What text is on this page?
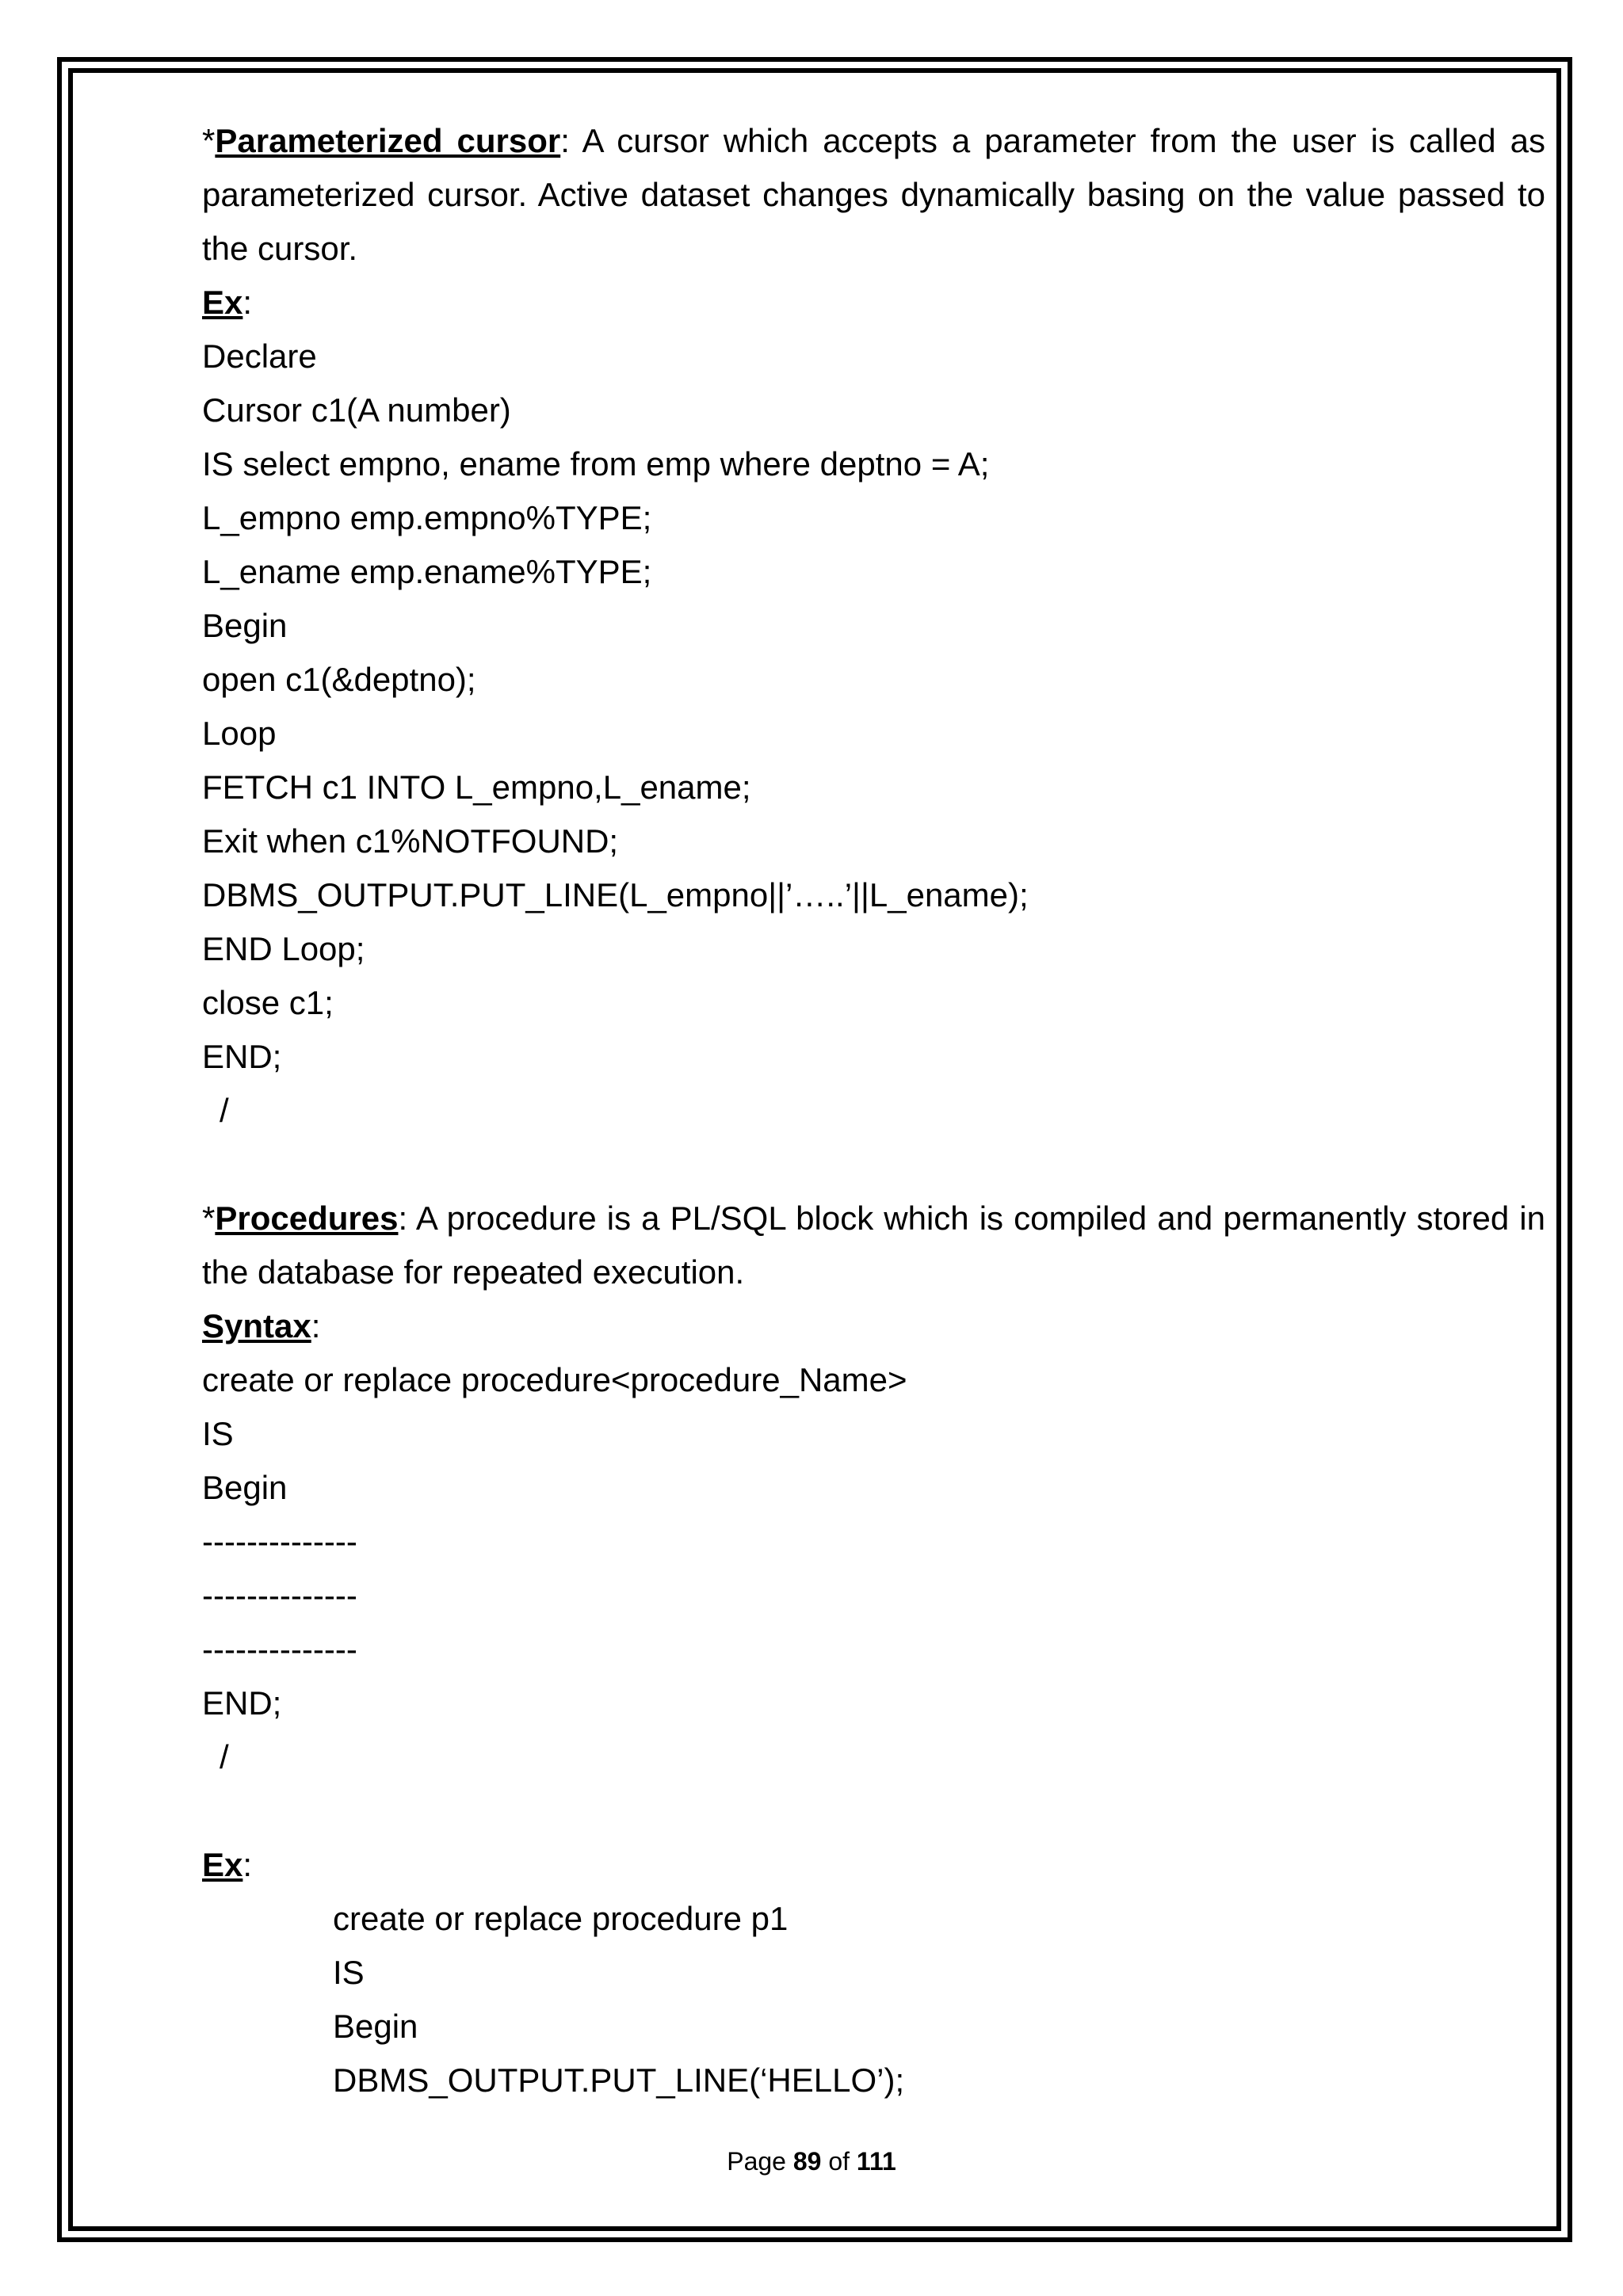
*Parameterized cursor: A cursor which accepts a parameter from the user is called as parameterized cursor. Active dataset changes dynamically basing on the value passed to the cursor.

Ex:

Declare

Cursor c1(A number)

IS select empno, ename from emp where deptno = A;

L_empno emp.empno%TYPE;

L_ename emp.ename%TYPE;

Begin

open c1(&deptno);

Loop

FETCH c1 INTO L_empno,L_ename;

Exit when c1%NOTFOUND;

DBMS_OUTPUT.PUT_LINE(L_empno||’…..’||L_ename);

END Loop;

close c1;

END;

/

*Procedures: A procedure is a PL/SQL block which is compiled and permanently stored in the database for repeated execution.

Syntax:

create or replace procedure<procedure_Name>

IS

Begin

--------------

--------------

--------------

END;

/

Ex:

create or replace procedure p1

IS

Begin

DBMS_OUTPUT.PUT_LINE(‘HELLO’);

Page 89 of 111
